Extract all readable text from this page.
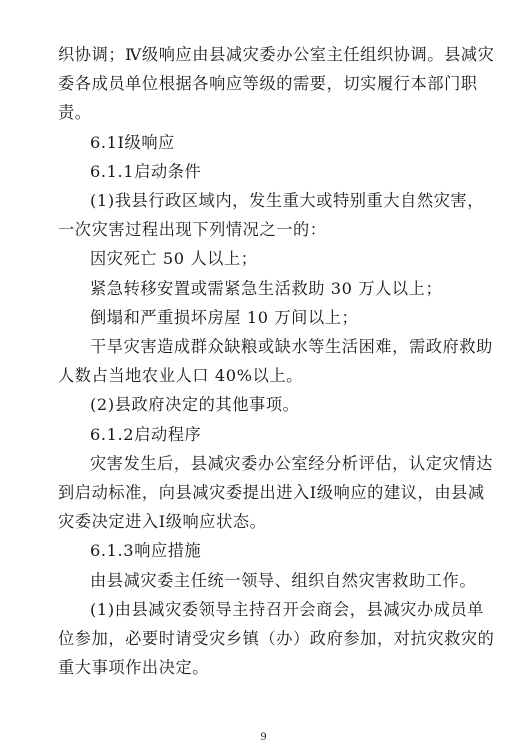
织协调；Ⅳ级响应由县减灾委办公室主任组织协调。县减灾
委各成员单位根据各响应等级的需要，切实履行本部门职
责。
6.1Ⅰ级响应
6.1.1启动条件
(1)我县行政区域内，发生重大或特别重大自然灾害，
一次灾害过程出现下列情况之一的：
因灾死亡 50 人以上；
紧急转移安置或需紧急生活救助 30 万人以上；
倒塌和严重损坏房屋 10 万间以上；
干旱灾害造成群众缺粮或缺水等生活困难，需政府救助
人数占当地农业人口 40%以上。
(2)县政府决定的其他事项。
6.1.2启动程序
灾害发生后，县减灾委办公室经分析评估，认定灾情达
到启动标准，向县减灾委提出进入Ⅰ级响应的建议，由县减
灾委决定进入Ⅰ级响应状态。
6.1.3响应措施
由县减灾委主任统一领导、组织自然灾害救助工作。
(1)由县减灾委领导主持召开会商会，县减灾办成员单
位参加，必要时请受灾乡镇（办）政府参加，对抗灾救灾的
重大事项作出决定。
9
